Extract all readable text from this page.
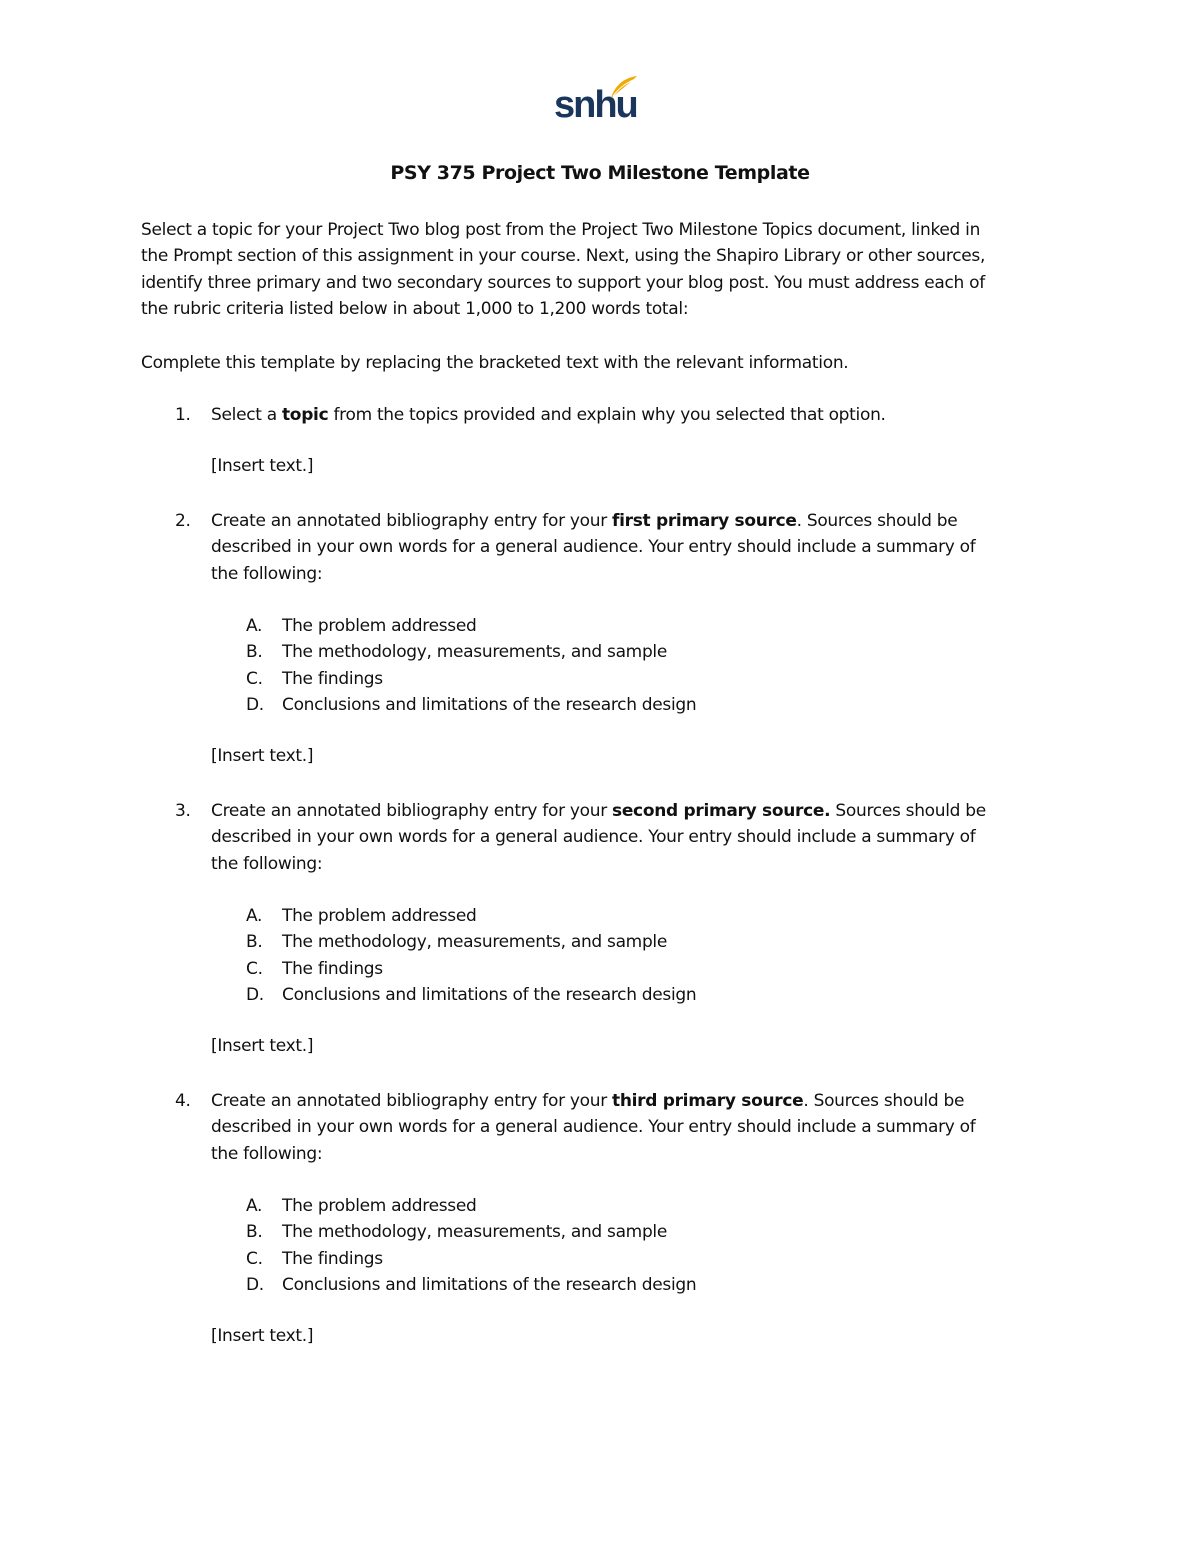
snhu
PSY 375 Project Two Milestone Template
Select a topic for your Project Two blog post from the Project Two Milestone Topics document, linked in
the Prompt section of this assignment in your course. Next, using the Shapiro Library or other sources,
identify three primary and two secondary sources to support your blog post. You must address each of
the rubric criteria listed below in about 1,000 to 1,200 words total:
Complete this template by replacing the bracketed text with the relevant information.
1. Select a topic from the topics provided and explain why you selected that option.
[Insert text.]
2. Create an annotated bibliography entry for your first primary source. Sources should be
described in your own words for a general audience. Your entry should include a summary of
the following:
A. The problem addressed
B. The methodology, measurements, and sample
C. The findings
D. Conclusions and limitations of the research design
[Insert text.]
3. Create an annotated bibliography entry for your second primary source. Sources should be
described in your own words for a general audience. Your entry should include a summary of
the following:
A. The problem addressed
B. The methodology, measurements, and sample
C. The findings
D. Conclusions and limitations of the research design
[Insert text.]
4. Create an annotated bibliography entry for your third primary source. Sources should be
described in your own words for a general audience. Your entry should include a summary of
the following:
A. The problem addressed
B. The methodology, measurements, and sample
C. The findings
D. Conclusions and limitations of the research design
[Insert text.]
